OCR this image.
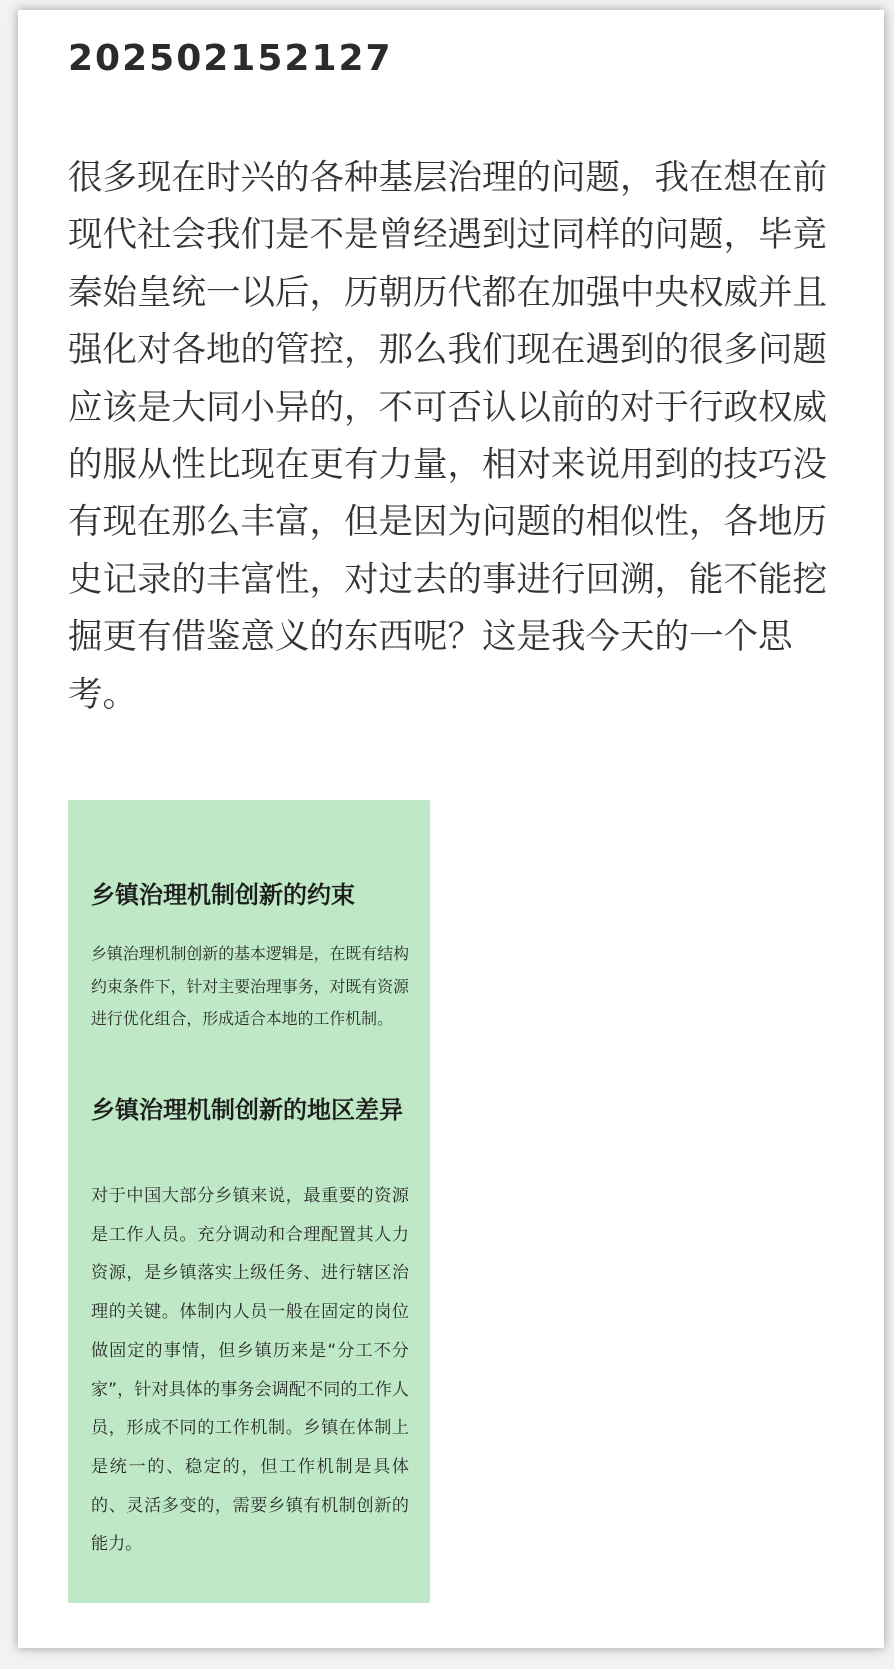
202502152127

很多现在时兴的各种基层治理的问题，我在想在前现代社会我们是不是曾经遇到过同样的问题，毕竟秦始皇统一以后，历朝历代都在加强中央权威并且强化对各地的管控，那么我们现在遇到的很多问题应该是大同小异的，不可否认以前的对于行政权威的服从性比现在更有力量，相对来说用到的技巧没有现在那么丰富，但是因为问题的相似性，各地历史记录的丰富性，对过去的事进行回溯，能不能挖掘更有借鉴意义的东西呢？这是我今天的一个思考。

乡镇治理机制创新的约束

乡镇治理机制创新的基本逻辑是，在既有结构约束条件下，针对主要治理事务，对既有资源进行优化组合，形成适合本地的工作机制。

乡镇治理机制创新的地区差异

对于中国大部分乡镇来说，最重要的资源是工作人员。充分调动和合理配置其人力资源，是乡镇落实上级任务、进行辖区治理的关键。体制内人员一般在固定的岗位做固定的事情，但乡镇历来是“分工不分家”，针对具体的事务会调配不同的工作人员，形成不同的工作机制。乡镇在体制上是统一的、稳定的，但工作机制是具体的、灵活多变的，需要乡镇有机制创新的能力。
